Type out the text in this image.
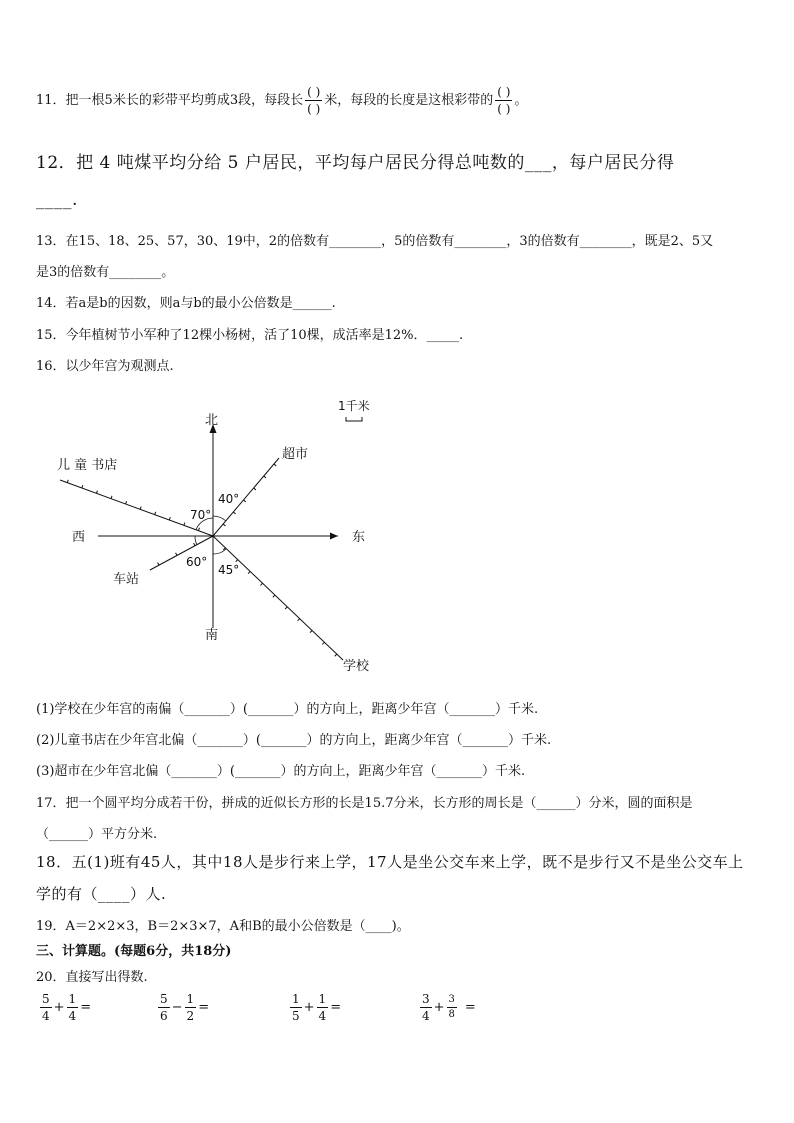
11．把一根5米长的彩带平均剪成3段，每段长 $\frac{( )}{( )}$ 米，每段的长度是这根彩带的 $\frac{( )}{( )}$ 。
12．把 4 吨煤平均分给 5 户居民，平均每户居民分得总吨数的___，每户居民分得
____.
13．在15、18、25、57，30、19中，2的倍数有________，5的倍数有________，3的倍数有________，既是2、5又
是3的倍数有________。
14．若a是b的因数，则a与b的最小公倍数是______.
15．今年植树节小军种了12棵小杨树，活了10棵，成活率是12%．_____.
16．以少年宫为观测点.
1千米
北
西	东
南
40°
70°
60°
45°
儿 童 书店
超市
车站
学校
(1)学校在少年宫的南偏（_______）(_______）的方向上，距离少年宫（_______）千米.
(2)儿童书店在少年宫北偏（_______）(_______）的方向上，距离少年宫（_______）千米.
(3)超市在少年宫北偏（_______）(_______）的方向上，距离少年宫（_______）千米.
17．把一个圆平均分成若干份，拼成的近似长方形的长是15.7分米，长方形的周长是（______）分米，圆的面积是
（______）平方分米.
18．五(1)班有45人，其中18人是步行来上学，17人是坐公交车来上学，既不是步行又不是坐公交车上
学的有（____）人.
19．A＝2×2×3，B＝2×3×7，A和B的最小公倍数是（____)。
三、计算题。(每题6分，共18分)
20．直接写出得数.
$\frac{5}{4} + \frac{1}{4}$ =	$\frac{5}{6} - \frac{1}{2}$ =	$\frac{1}{5} + \frac{1}{4}$ =	$\frac{3}{4} + \frac{3}{8}$ =
